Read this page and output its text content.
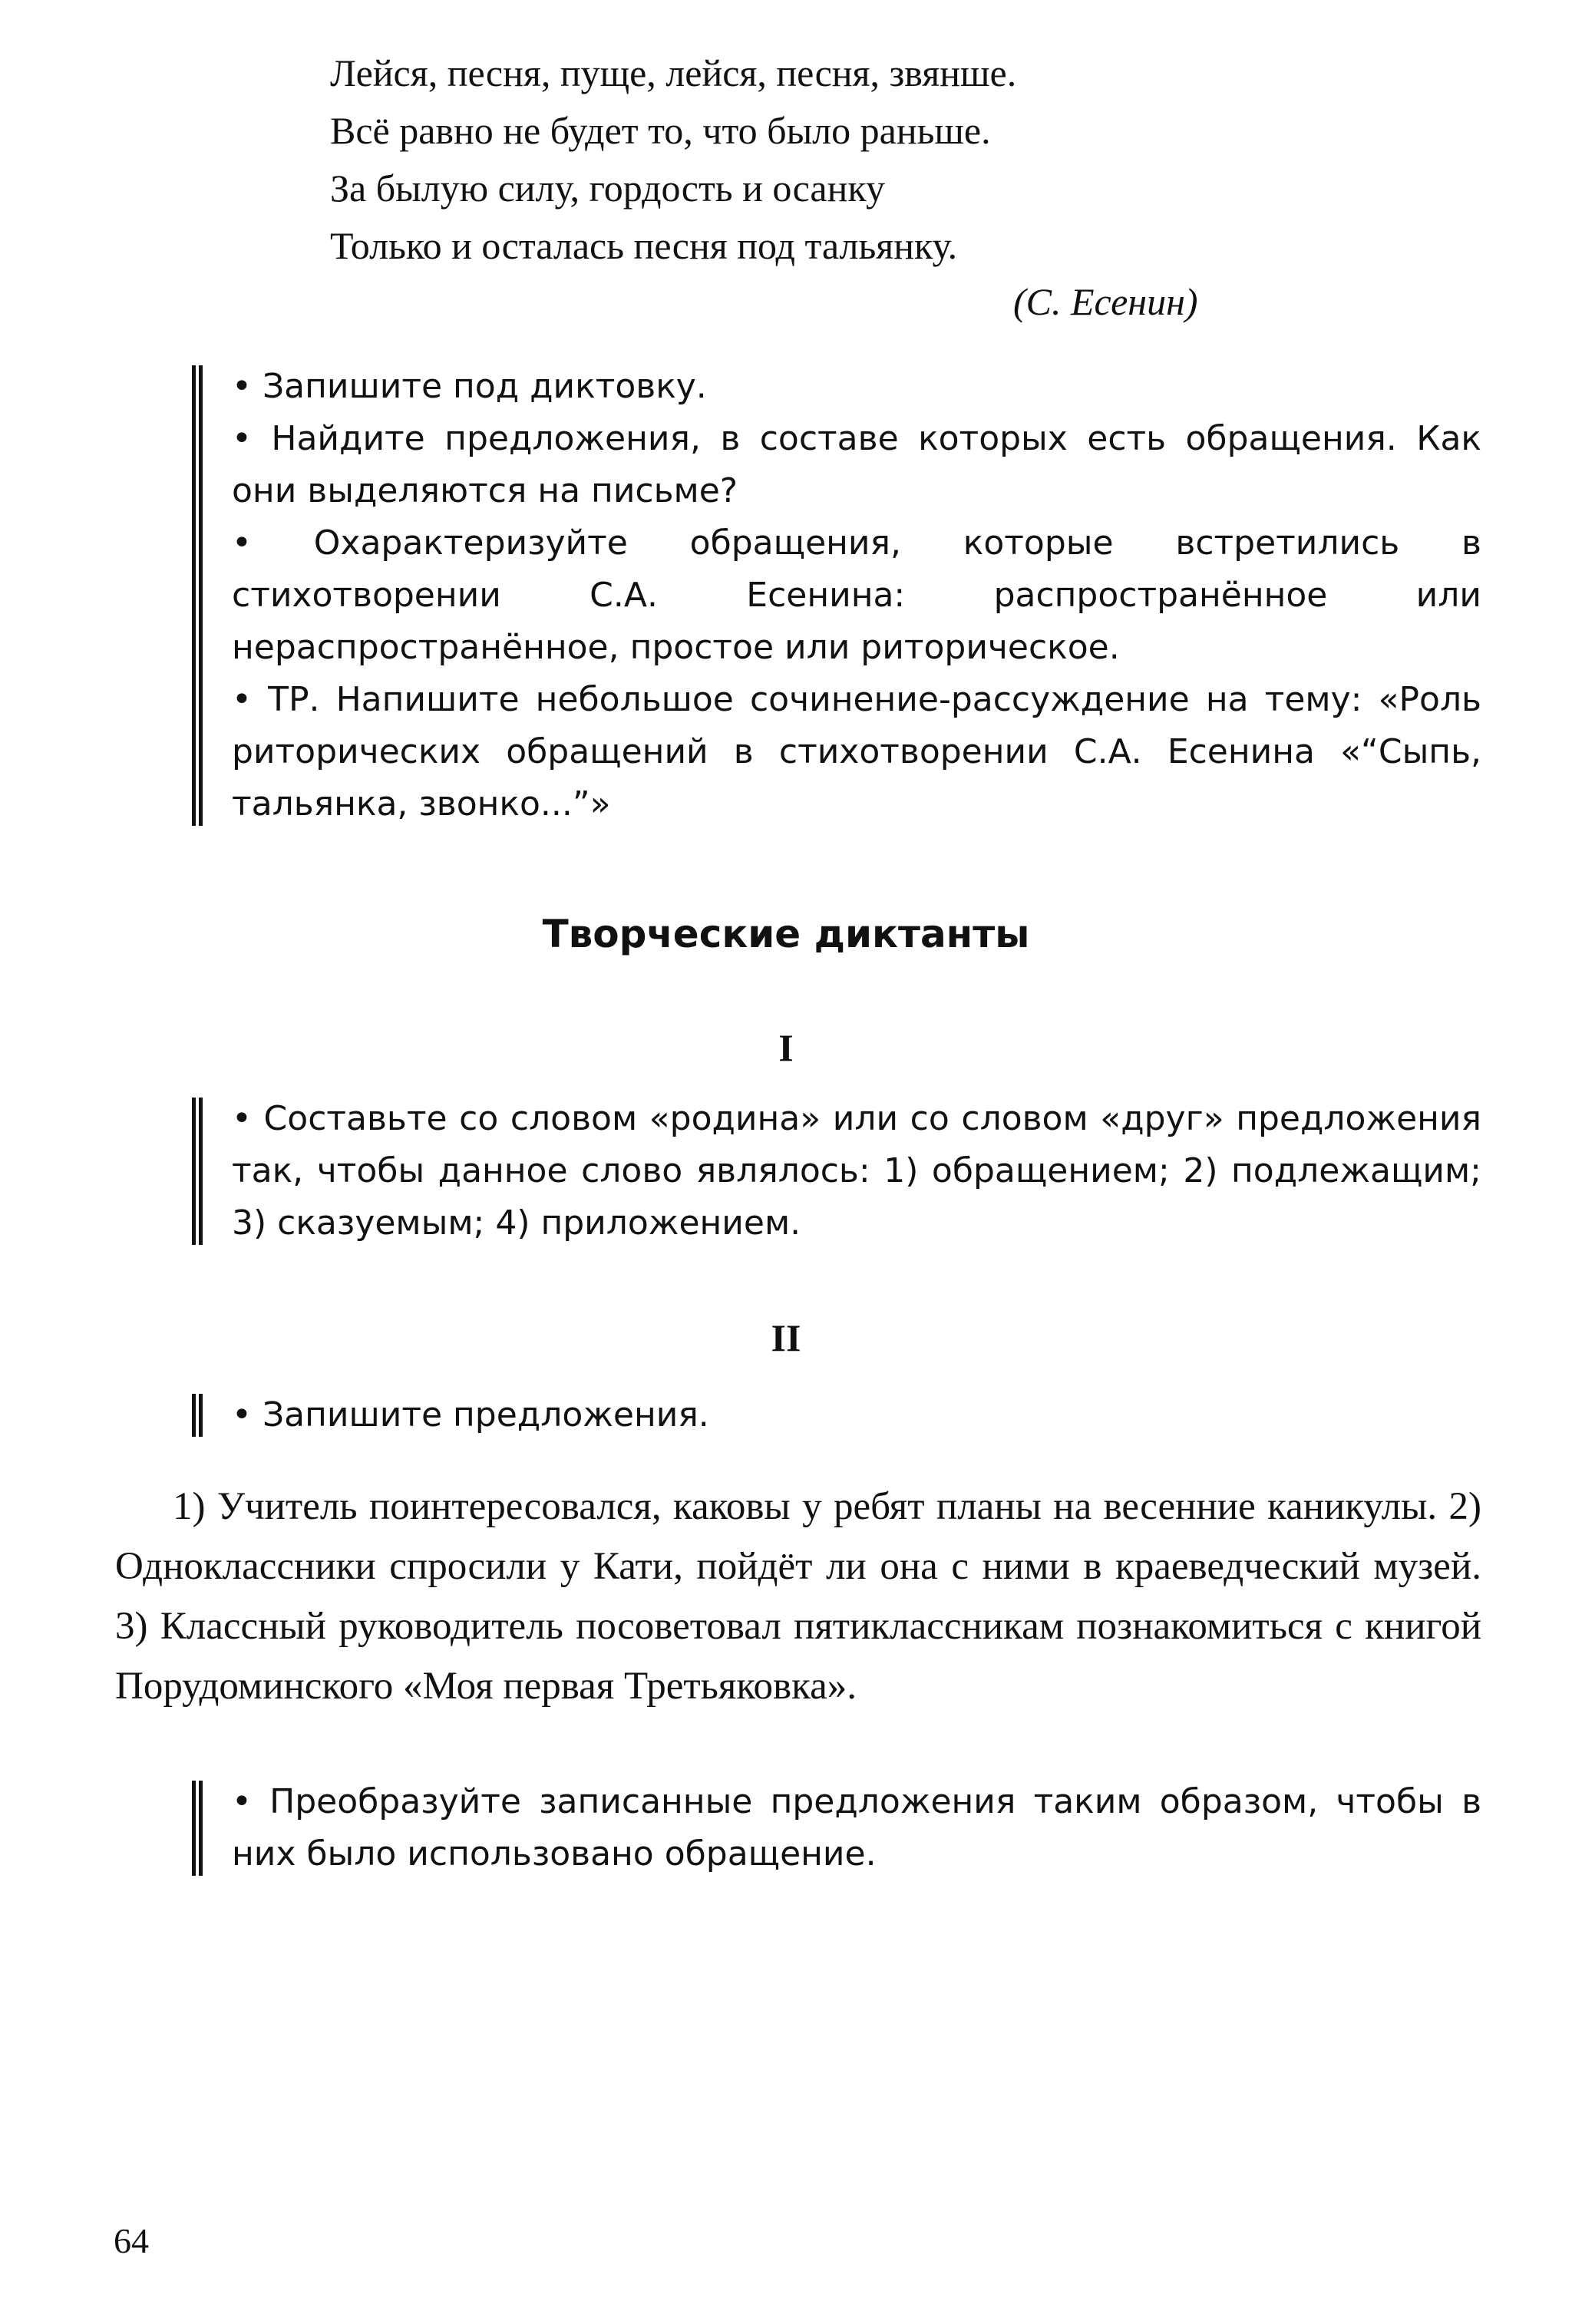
Лейся, песня, пуще, лейся, песня, звянше.
Всё равно не будет то, что было раньше.
За былую силу, гордость и осанку
Только и осталась песня под тальянку.
(С. Есенин)

• Запишите под диктовку.

• Найдите предложения, в составе которых есть обращения. Как они выделяются на письме?

• Охарактеризуйте обращения, которые встретились в стихотворении С.А. Есенина: распространённое или нераспространённое, простое или риторическое.

• ТР. Напишите небольшое сочинение-рассуждение на тему: «Роль риторических обращений в стихотворении С.А. Есенина «“Сыпь, тальянка, звонко...”»

Творческие диктанты
I
• Составьте со словом «родина» или со словом «друг» предложения так, чтобы данное слово являлось: 1) обращением; 2) подлежащим; 3) сказуемым; 4) приложением.
II
• Запишите предложения.
1) Учитель поинтересовался, каковы у ребят планы на весенние каникулы. 2) Одноклассники спросили у Кати, пойдёт ли она с ними в краеведческий музей. 3) Классный руководитель посоветовал пятиклассникам познакомиться с книгой Порудоминского «Моя первая Третьяковка».
• Преобразуйте записанные предложения таким образом, чтобы в них было использовано обращение.
64
